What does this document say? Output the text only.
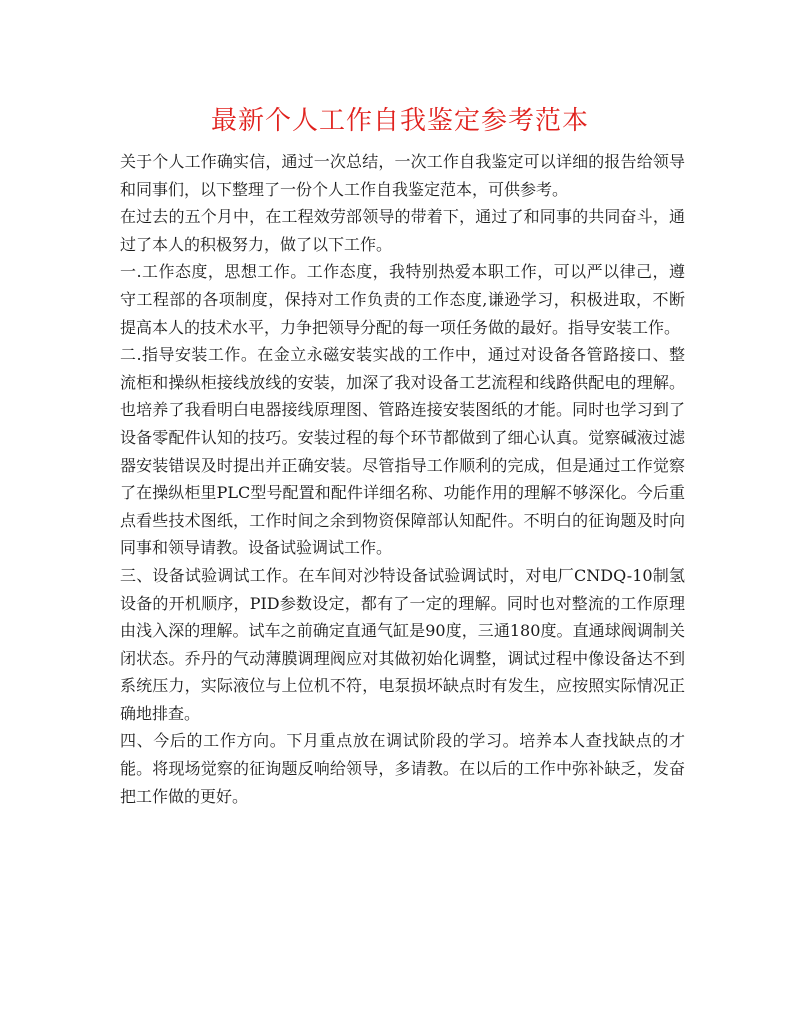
最新个人工作自我鉴定参考范本

关于个人工作确实信，通过一次总结，一次工作自我鉴定可以详细的报告给领导和同事们，以下整理了一份个人工作自我鉴定范本，可供参考。

在过去的五个月中，在工程效劳部领导的带着下，通过了和同事的共同奋斗，通过了本人的积极努力，做了以下工作。

一.工作态度，思想工作。工作态度，我特别热爱本职工作，可以严以律己，遵守工程部的各项制度，保持对工作负责的工作态度,谦逊学习，积极进取，不断提高本人的技术水平，力争把领导分配的每一项任务做的最好。指导安装工作。

二.指导安装工作。在金立永磁安装实战的工作中，通过对设备各管路接口、整流柜和操纵柜接线放线的安装，加深了我对设备工艺流程和线路供配电的理解。也培养了我看明白电器接线原理图、管路连接安装图纸的才能。同时也学习到了设备零配件认知的技巧。安装过程的每个环节都做到了细心认真。觉察碱液过滤器安装错误及时提出并正确安装。尽管指导工作顺利的完成，但是通过工作觉察了在操纵柜里PLC型号配置和配件详细名称、功能作用的理解不够深化。今后重点看些技术图纸，工作时间之余到物资保障部认知配件。不明白的征询题及时向同事和领导请教。设备试验调试工作。

三、设备试验调试工作。在车间对沙特设备试验调试时，对电厂CNDQ-10制氢设备的开机顺序，PID参数设定，都有了一定的理解。同时也对整流的工作原理由浅入深的理解。试车之前确定直通气缸是90度，三通180度。直通球阀调制关闭状态。乔丹的气动薄膜调理阀应对其做初始化调整，调试过程中像设备达不到系统压力，实际液位与上位机不符，电泵损坏缺点时有发生，应按照实际情况正确地排查。

四、今后的工作方向。下月重点放在调试阶段的学习。培养本人查找缺点的才能。将现场觉察的征询题反响给领导，多请教。在以后的工作中弥补缺乏，发奋把工作做的更好。
